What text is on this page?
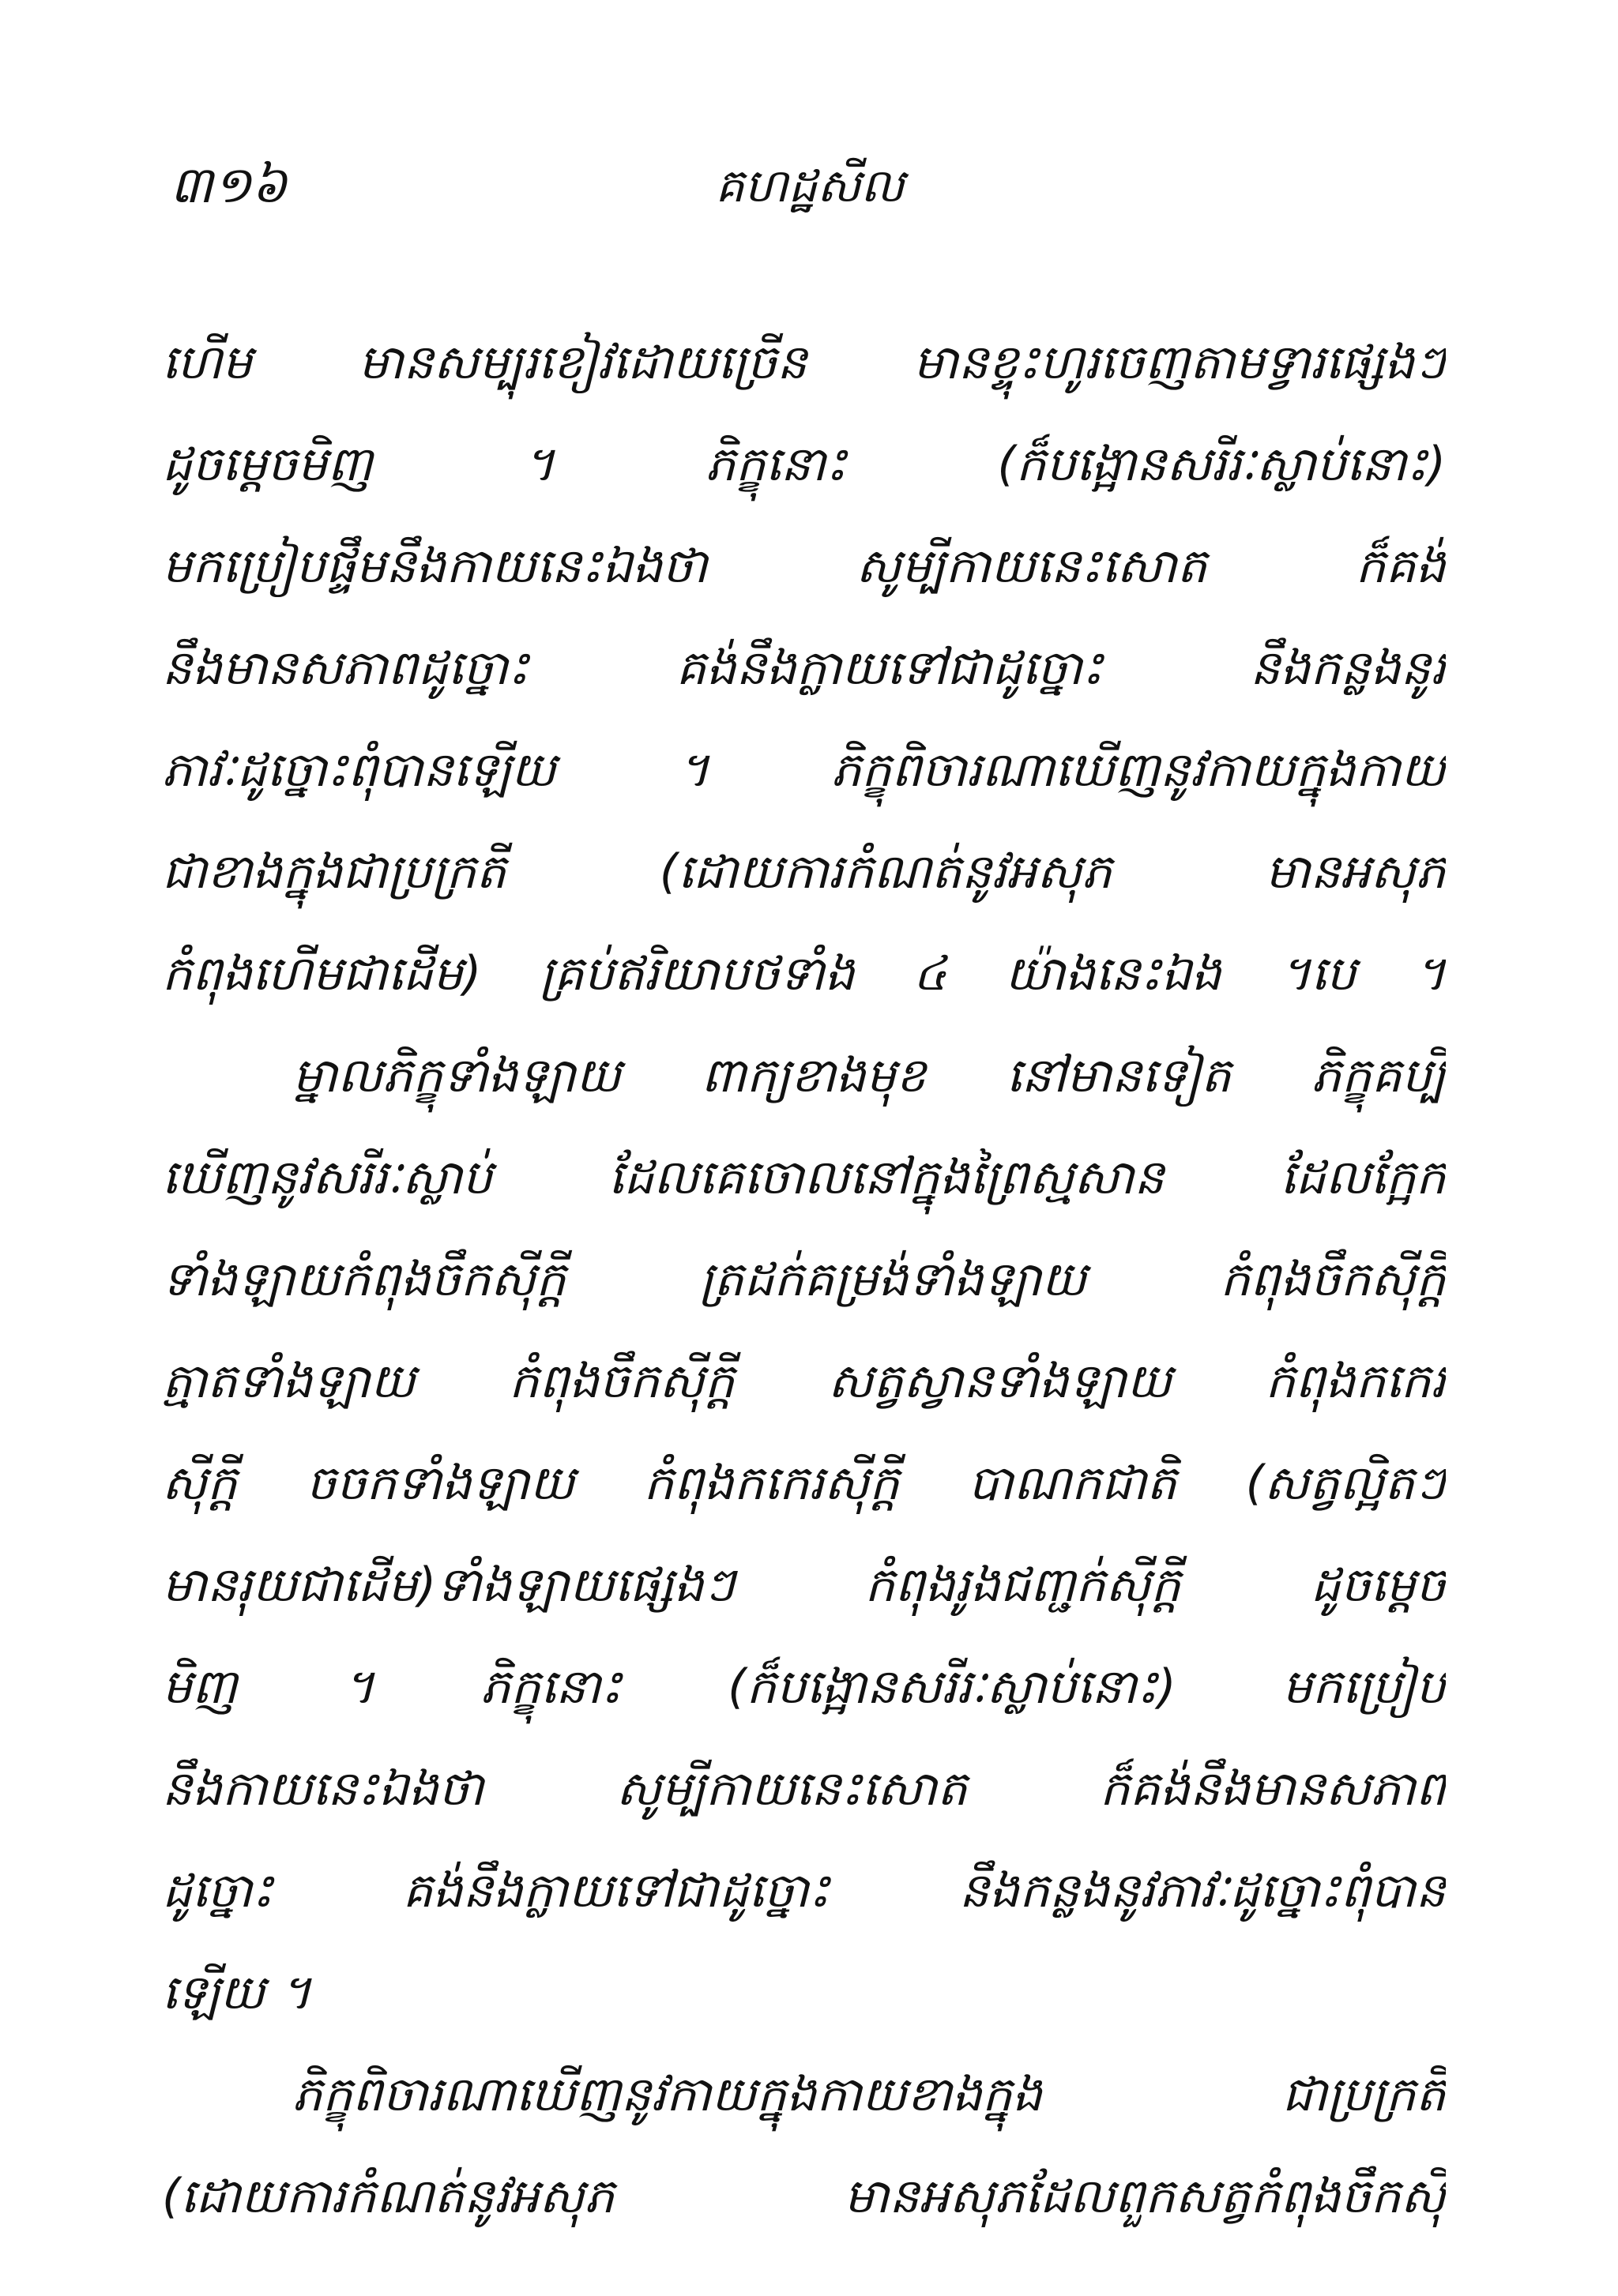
៣១៦	គហដ្ឋសីល
ហើម មានសម្បុរខៀវដោយច្រើន មានខ្ទុះហូរចេញតាមទ្វារផ្សេងៗ
ដូចម្ដេចមិញ ។ ភិក្ខុនោះ (ក៏បង្អោនសរីរៈស្លាប់នោះ)
មកប្រៀបផ្ទឹមនឹងកាយនេះឯងថា សូម្បីកាយនេះសោត ក៏គង់
នឹងមានសភាពដូច្នោះ គង់នឹងក្លាយទៅជាដូច្នោះ នឹងកន្លងនូវ
ភាវៈដូច្នោះពុំបានឡើយ ។ ភិក្ខុពិចារណាឃើញនូវកាយក្នុងកាយ
ជាខាងក្នុងជាប្រក្រតី (ដោយការកំណត់នូវអសុភ មានអសុភ
កំពុងហើមជាដើម) គ្រប់ឥរិយាបថទាំង ៤ យ៉ាងនេះឯង ។បេ ។
ម្នាលភិក្ខុទាំងឡាយ ពាក្យខាងមុខ នៅមានទៀត ភិក្ខុគប្បី
ឃើញនូវសរីរៈស្លាប់ ដែលគេចោលនៅក្នុងព្រៃស្មសាន ដែលក្អែក
ទាំងឡាយកំពុងចឹកស៊ីក្ដី ត្រដក់គម្រង់ទាំងឡាយ កំពុងចឹកស៊ីក្ដី
ត្មាតទាំងឡាយ កំពុងចឹកស៊ីក្ដី សត្វស្វានទាំងឡាយ កំពុងកកេរ
ស៊ីក្ដី ចចកទាំងឡាយ កំពុងកកេរស៊ីក្ដី បាណកជាតិ (សត្វល្អិតៗ
មានរុយជាដើម)ទាំងឡាយផ្សេងៗ កំពុងរូងជញ្ជក់ស៊ីក្ដី ដូចម្ដេច
មិញ ។ ភិក្ខុនោះ (ក៏បង្អោនសរីរៈស្លាប់នោះ) មកប្រៀប
នឹងកាយនេះឯងថា សូម្បីកាយនេះសោត ក៏គង់នឹងមានសភាព
ដូច្នោះ គង់នឹងក្លាយទៅជាដូច្នោះ នឹងកន្លងនូវភាវៈដូច្នោះពុំបាន
ឡើយ ។
ភិក្ខុពិចារណាឃើញនូវកាយក្នុងកាយខាងក្នុង ជាប្រក្រតី
(ដោយការកំណត់នូវអសុភ មានអសុភដែលពួកសត្វកំពុងចឹកស៊ី
